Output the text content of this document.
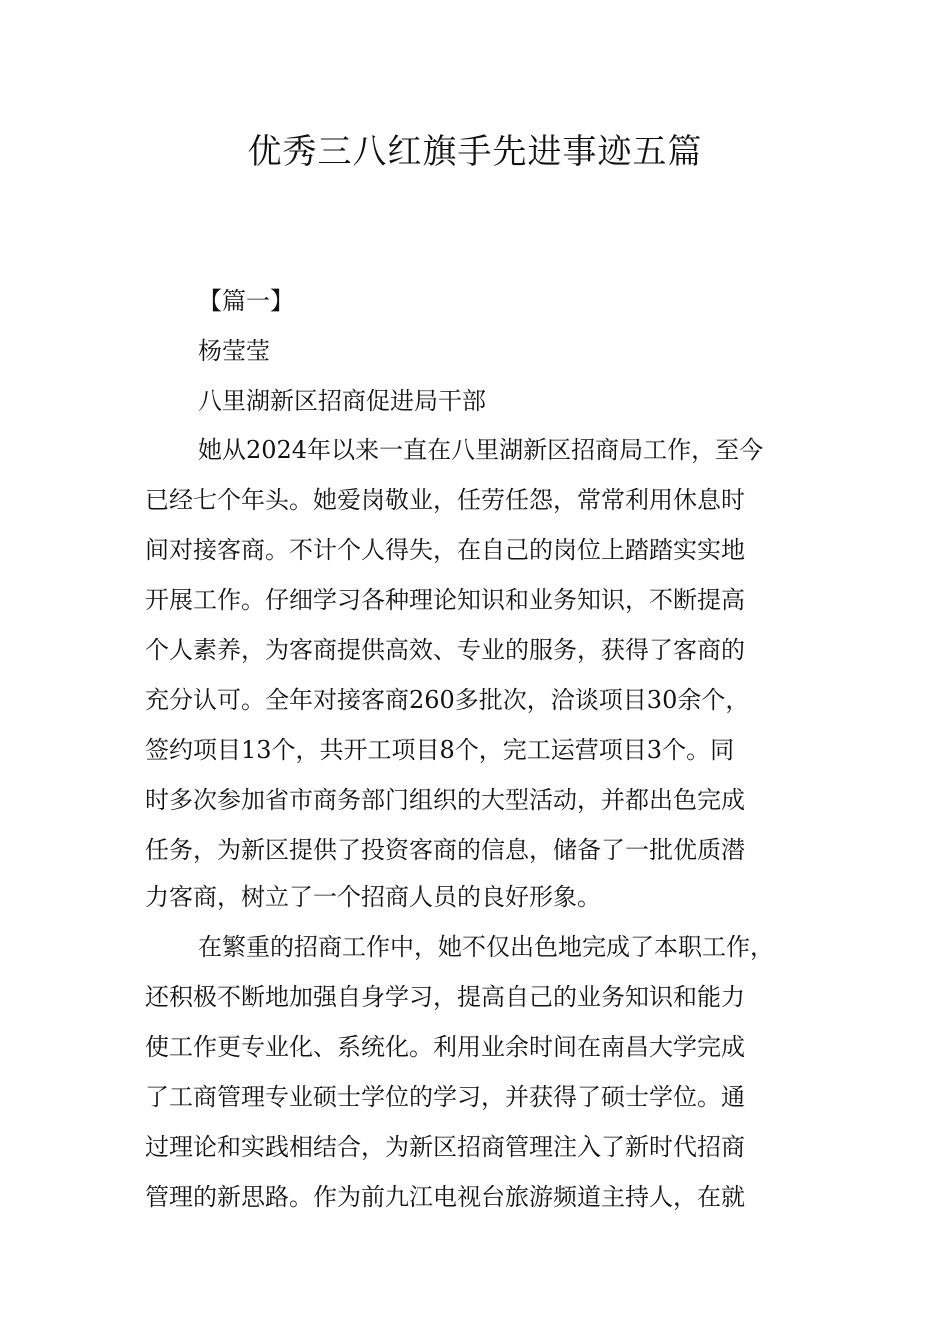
优秀三八红旗手先进事迹五篇
【篇一】
杨莹莹
八里湖新区招商促进局干部
她从2024年以来一直在八里湖新区招商局工作，至今
已经七个年头。她爱岗敬业，任劳任怨，常常利用休息时
间对接客商。不计个人得失，在自己的岗位上踏踏实实地
开展工作。仔细学习各种理论知识和业务知识，不断提高
个人素养，为客商提供高效、专业的服务，获得了客商的
充分认可。全年对接客商260多批次，洽谈项目30余个，
签约项目13个，共开工项目8个，完工运营项目3个。同
时多次参加省市商务部门组织的大型活动，并都出色完成
任务，为新区提供了投资客商的信息，储备了一批优质潜
力客商，树立了一个招商人员的良好形象。
在繁重的招商工作中，她不仅出色地完成了本职工作，
还积极不断地加强自身学习，提高自己的业务知识和能力
使工作更专业化、系统化。利用业余时间在南昌大学完成
了工商管理专业硕士学位的学习，并获得了硕士学位。通
过理论和实践相结合，为新区招商管理注入了新时代招商
管理的新思路。作为前九江电视台旅游频道主持人，在就
